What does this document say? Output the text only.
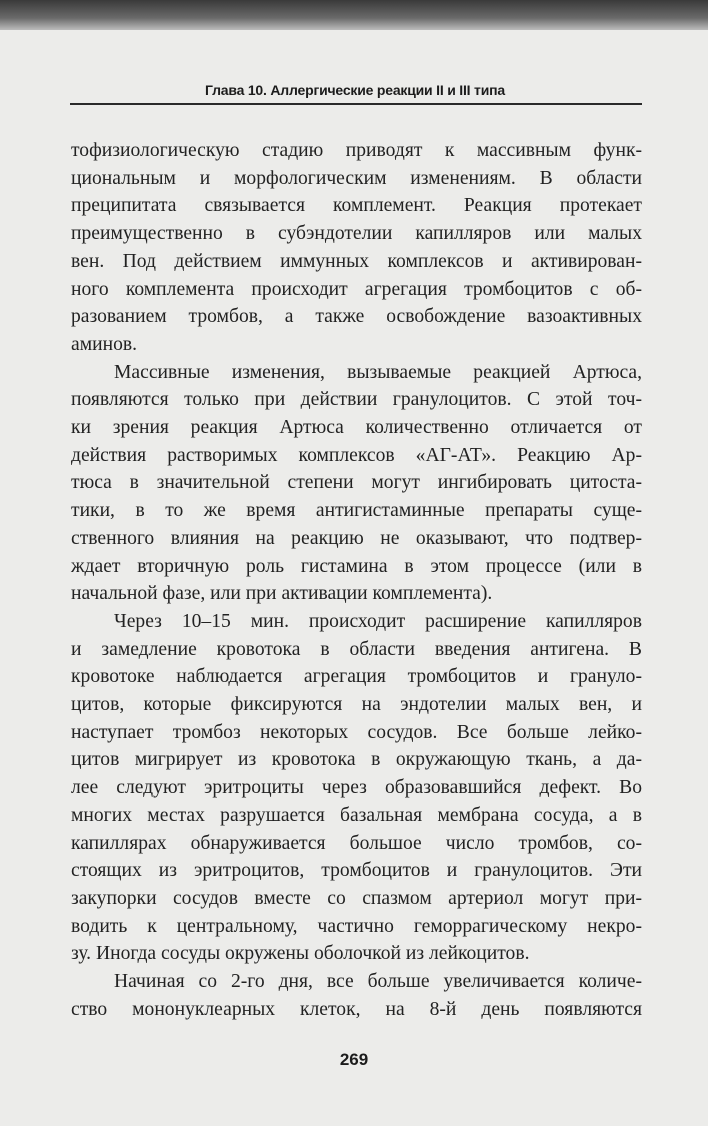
Глава 10. Аллергические реакции II и III типа
тофизиологическую стадию приводят к массивным функ-
циональным и морфологическим изменениям. В области
преципитата связывается комплемент. Реакция протекает
преимущественно в субэндотелии капилляров или малых
вен. Под действием иммунных комплексов и активирован-
ного комплемента происходит агрегация тромбоцитов с об-
разованием тромбов, а также освобождение вазоактивных
аминов.
Массивные изменения, вызываемые реакцией Артюса,
появляются только при действии гранулоцитов. С этой точ-
ки зрения реакция Артюса количественно отличается от
действия растворимых комплексов «АГ-АТ». Реакцию Ар-
тюса в значительной степени могут ингибировать цитоста-
тики, в то же время антигистаминные препараты суще-
ственного влияния на реакцию не оказывают, что подтвер-
ждает вторичную роль гистамина в этом процессе (или в
начальной фазе, или при активации комплемента).
Через 10–15 мин. происходит расширение капилляров
и замедление кровотока в области введения антигена. В
кровотоке наблюдается агрегация тромбоцитов и грануло-
цитов, которые фиксируются на эндотелии малых вен, и
наступает тромбоз некоторых сосудов. Все больше лейко-
цитов мигрирует из кровотока в окружающую ткань, а да-
лее следуют эритроциты через образовавшийся дефект. Во
многих местах разрушается базальная мембрана сосуда, а в
капиллярах обнаруживается большое число тромбов, со-
стоящих из эритроцитов, тромбоцитов и гранулоцитов. Эти
закупорки сосудов вместе со спазмом артериол могут при-
водить к центральному, частично геморрагическому некро-
зу. Иногда сосуды окружены оболочкой из лейкоцитов.
Начиная со 2-го дня, все больше увеличивается количе-
ство мононуклеарных клеток, на 8-й день появляются
269
